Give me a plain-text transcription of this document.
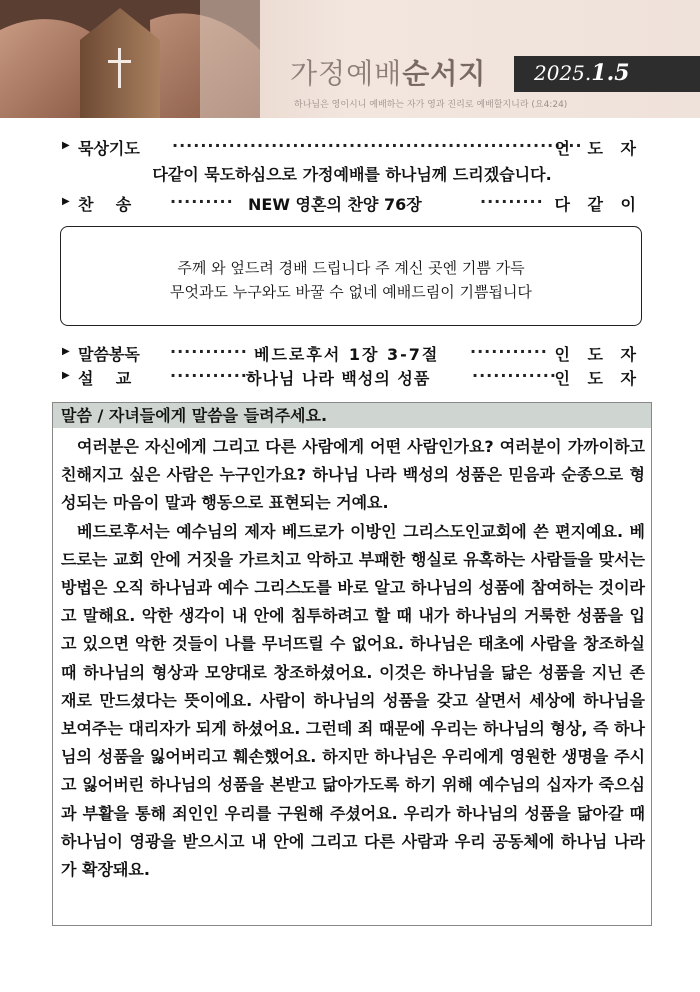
가정예배순서지 2025.1.5
하나님은 영이시니 예배하는 자가 영과 진리로 예배할지니라 (요4:24)
▶ 묵상기도 ··························································
인 도 자
다같이 묵도하심으로 가정예배를 하나님께 드리겠습니다.
▶ 찬    송 ········· NEW 영혼의 찬양 76장	········· 다 같 이
주께 와 엎드려 경배 드립니다 주 계신 곳엔 기쁨 가득
무엇과도 누구와도 바꿀 수 없네 예배드림이 기쁨됩니다
▶ 말씀봉독 ··········· 베드로후서 1장 3-7절 ··········· 인 도 자
▶ 설    교 ············
하나님 나라 백성의 성품	············
인 도 자
말씀 / 자녀들에게 말씀을 들려주세요.

여러분은 자신에게 그리고 다른 사람에게 어떤 사람인가요? 여러분이 가까이하고 친해지고 싶은 사람은 누구인가요? 하나님 나라 백성의 성품은 믿음과 순종으로 형성되는 마음이 말과 행동으로 표현되는 거예요.

베드로후서는 예수님의 제자 베드로가 이방인 그리스도인교회에 쓴 편지예요. 베드로는 교회 안에 거짓을 가르치고 악하고 부패한 행실로 유혹하는 사람들을 맞서는 방법은 오직 하나님과 예수 그리스도를 바로 알고 하나님의 성품에 참여하는 것이라고 말해요. 악한 생각이 내 안에 침투하려고 할 때 내가 하나님의 거룩한 성품을 입고 있으면 악한 것들이 나를 무너뜨릴 수 없어요. 하나님은 태초에 사람을 창조하실 때 하나님의 형상과 모양대로 창조하셨어요. 이것은 하나님을 닮은 성품을 지닌 존재로 만드셨다는 뜻이에요. 사람이 하나님의 성품을 갖고 살면서 세상에 하나님을 보여주는 대리자가 되게 하셨어요. 그런데 죄 때문에 우리는 하나님의 형상, 즉 하나님의 성품을 잃어버리고 훼손했어요. 하지만 하나님은 우리에게 영원한 생명을 주시고 잃어버린 하나님의 성품을 본받고 닮아가도록 하기 위해 예수님의 십자가 죽으심과 부활을 통해 죄인인 우리를 구원해 주셨어요. 우리가 하나님의 성품을 닮아갈 때 하나님이 영광을 받으시고 내 안에 그리고 다른 사람과 우리 공동체에 하나님 나라가 확장돼요.
